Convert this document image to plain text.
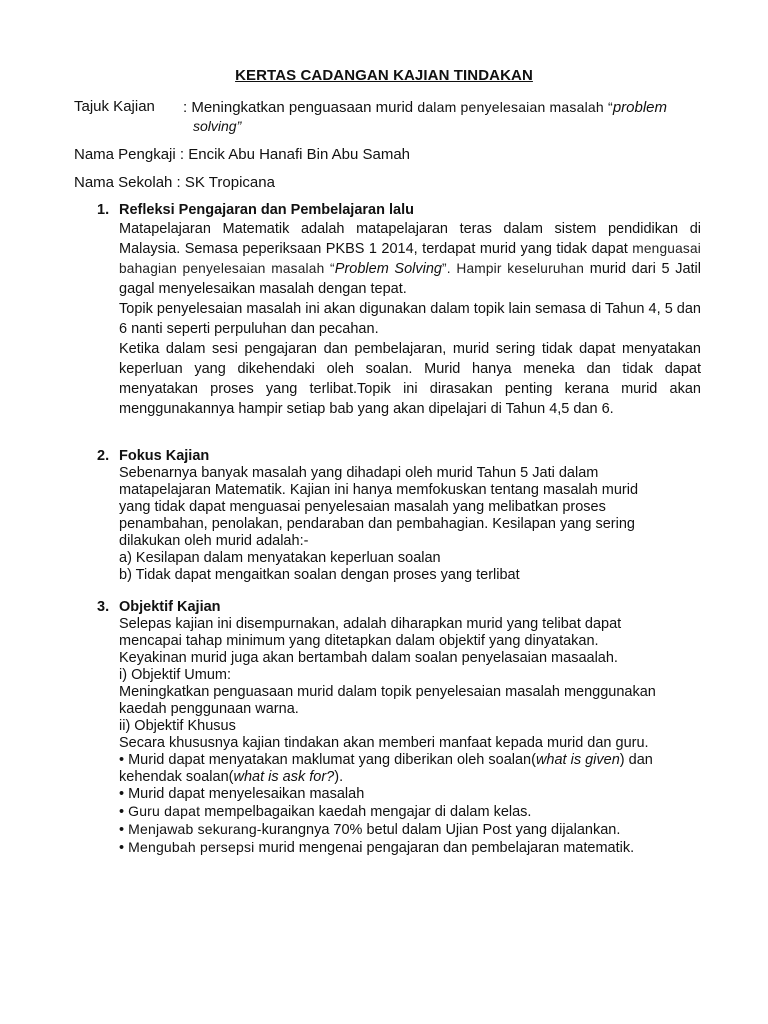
KERTAS CADANGAN KAJIAN TINDAKAN
Tajuk Kajian : Meningkatkan penguasaan murid dalam penyelesaian masalah “problem
solving”
Nama Pengkaji : Encik Abu Hanafi Bin Abu Samah
Nama Sekolah : SK Tropicana
1. Refleksi Pengajaran dan Pembelajaran lalu

Matapelajaran Matematik adalah matapelajaran teras dalam sistem pendidikan di Malaysia. Semasa peperiksaan PKBS 1 2014, terdapat murid yang tidak dapat menguasai bahagian penyelesaian masalah “Problem Solving”. Hampir keseluruhan murid dari 5 Jatil gagal menyelesaikan masalah dengan tepat.

Topik penyelesaian masalah ini akan digunakan dalam topik lain semasa di Tahun 4, 5 dan 6 nanti seperti perpuluhan dan pecahan.

Ketika dalam sesi pengajaran dan pembelajaran, murid sering tidak dapat menyatakan keperluan yang dikehendaki oleh soalan. Murid hanya meneka dan tidak dapat menyatakan proses yang terlibat.Topik ini dirasakan penting kerana murid akan menggunakannya hampir setiap bab yang akan dipelajari di Tahun 4,5 dan 6.

2. Fokus Kajian

Sebenarnya banyak masalah yang dihadapi oleh murid Tahun 5 Jati dalam

matapelajaran Matematik. Kajian ini hanya memfokuskan tentang masalah murid

yang tidak dapat menguasai penyelesaian masalah yang melibatkan proses

penambahan, penolakan, pendaraban dan pembahagian. Kesilapan yang sering

dilakukan oleh murid adalah:-

a) Kesilapan dalam menyatakan keperluan soalan

b) Tidak dapat mengaitkan soalan dengan proses yang terlibat

3. Objektif Kajian

Selepas kajian ini disempurnakan, adalah diharapkan murid yang telibat dapat

mencapai tahap minimum yang ditetapkan dalam objektif yang dinyatakan.

Keyakinan murid juga akan bertambah dalam soalan penyelasaian masaalah.

i) Objektif Umum:

Meningkatkan penguasaan murid dalam topik penyelesaian masalah menggunakan

kaedah penggunaan warna.

ii) Objektif Khusus

Secara khususnya kajian tindakan akan memberi manfaat kepada murid dan guru.

• Murid dapat menyatakan maklumat yang diberikan oleh soalan(what is given) dan

kehendak soalan(what is ask for?).

• Murid dapat menyelesaikan masalah

• Guru dapat mempelbagaikan kaedah mengajar di dalam kelas.

• Menjawab sekurang-kurangnya 70% betul dalam Ujian Post yang dijalankan.

• Mengubah persepsi murid mengenai pengajaran dan pembelajaran matematik.
